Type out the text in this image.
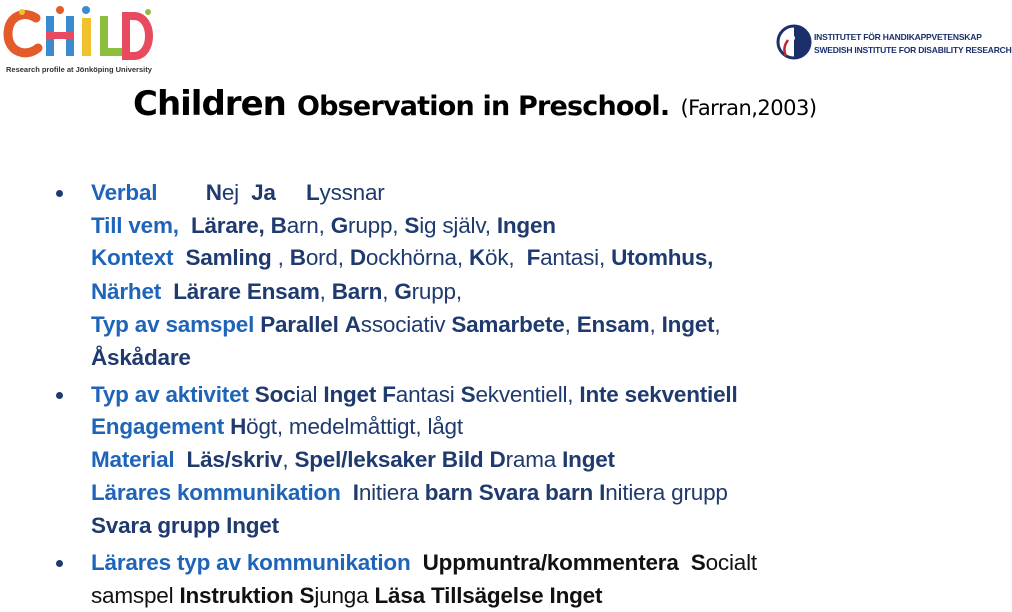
Research profile at Jönköping University
INSTITUTET FÖR HANDIKAPPVETENSKAP
SWEDISH INSTITUTE FOR DISABILITY RESEARCH
Children Observation in Preschool. (Farran,2003)
Verbal Nej  Ja Lyssnar
Till vem, Lärare, Barn, Grupp, Sig själv, Ingen
Kontext Samling , Bord, Dockhörna, Kök,  Fantasi, Utomhus,
Närhet Lärare Ensam, Barn, Grupp,
Typ av samspel Parallel Associativ Samarbete, Ensam, Inget,
Åskådare
Typ av aktivitet Social Inget Fantasi Sekventiell, Inte sekventiell
Engagement Högt, medelmåttigt, lågt
Material Läs/skriv, Spel/leksaker Bild Drama Inget
Lärares kommunikation Initiera barn Svara barn Initiera grupp
Svara grupp Inget
Lärares typ av kommunikation Uppmuntra/kommentera Socialt
samspel Instruktion Sjunga Läsa Tillsägelse Inget
